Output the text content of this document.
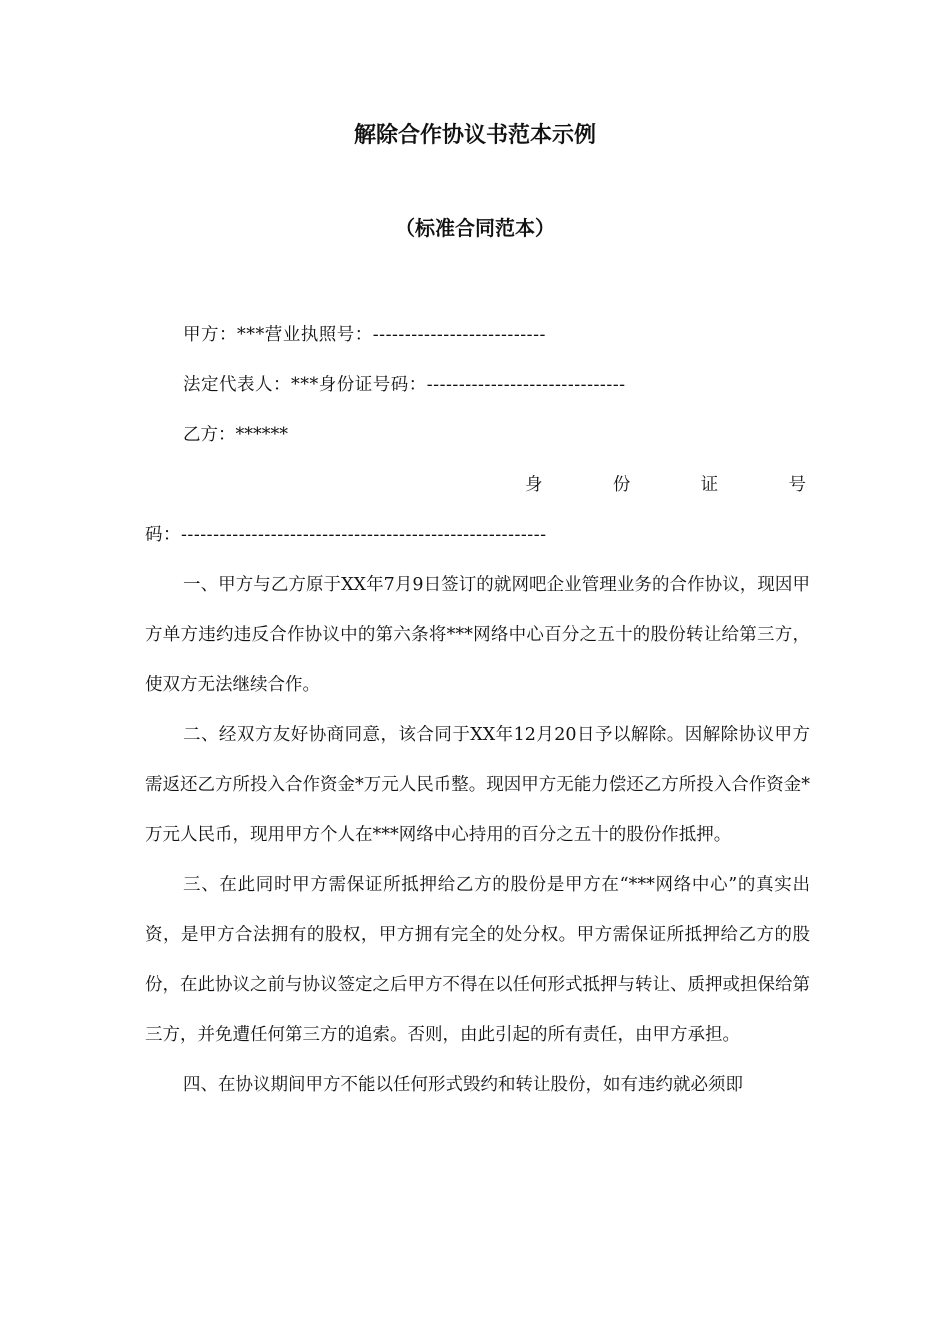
解除合作协议书范本示例
（标准合同范本）
甲方：***营业执照号：---------------------------
法定代表人：***身份证号码：-------------------------------
乙方：******
身	份	证	号
码：---------------------------------------------------------

一、甲方与乙方原于XX年7月9日签订的就网吧企业管理业务的合作协议，现因甲方单方违约违反合作协议中的第六条将***网络中心百分之五十的股份转让给第三方，使双方无法继续合作。

二、经双方友好协商同意，该合同于XX年12月20日予以解除。因解除协议甲方需返还乙方所投入合作资金*万元人民币整。现因甲方无能力偿还乙方所投入合作资金*万元人民币，现用甲方个人在***网络中心持用的百分之五十的股份作抵押。

三、在此同时甲方需保证所抵押给乙方的股份是甲方在“***网络中心”的真实出资，是甲方合法拥有的股权，甲方拥有完全的处分权。甲方需保证所抵押给乙方的股份，在此协议之前与协议签定之后甲方不得在以任何形式抵押与转让、质押或担保给第三方，并免遭任何第三方的追索。否则，由此引起的所有责任，由甲方承担。

四、在协议期间甲方不能以任何形式毁约和转让股份，如有违约就必须即
